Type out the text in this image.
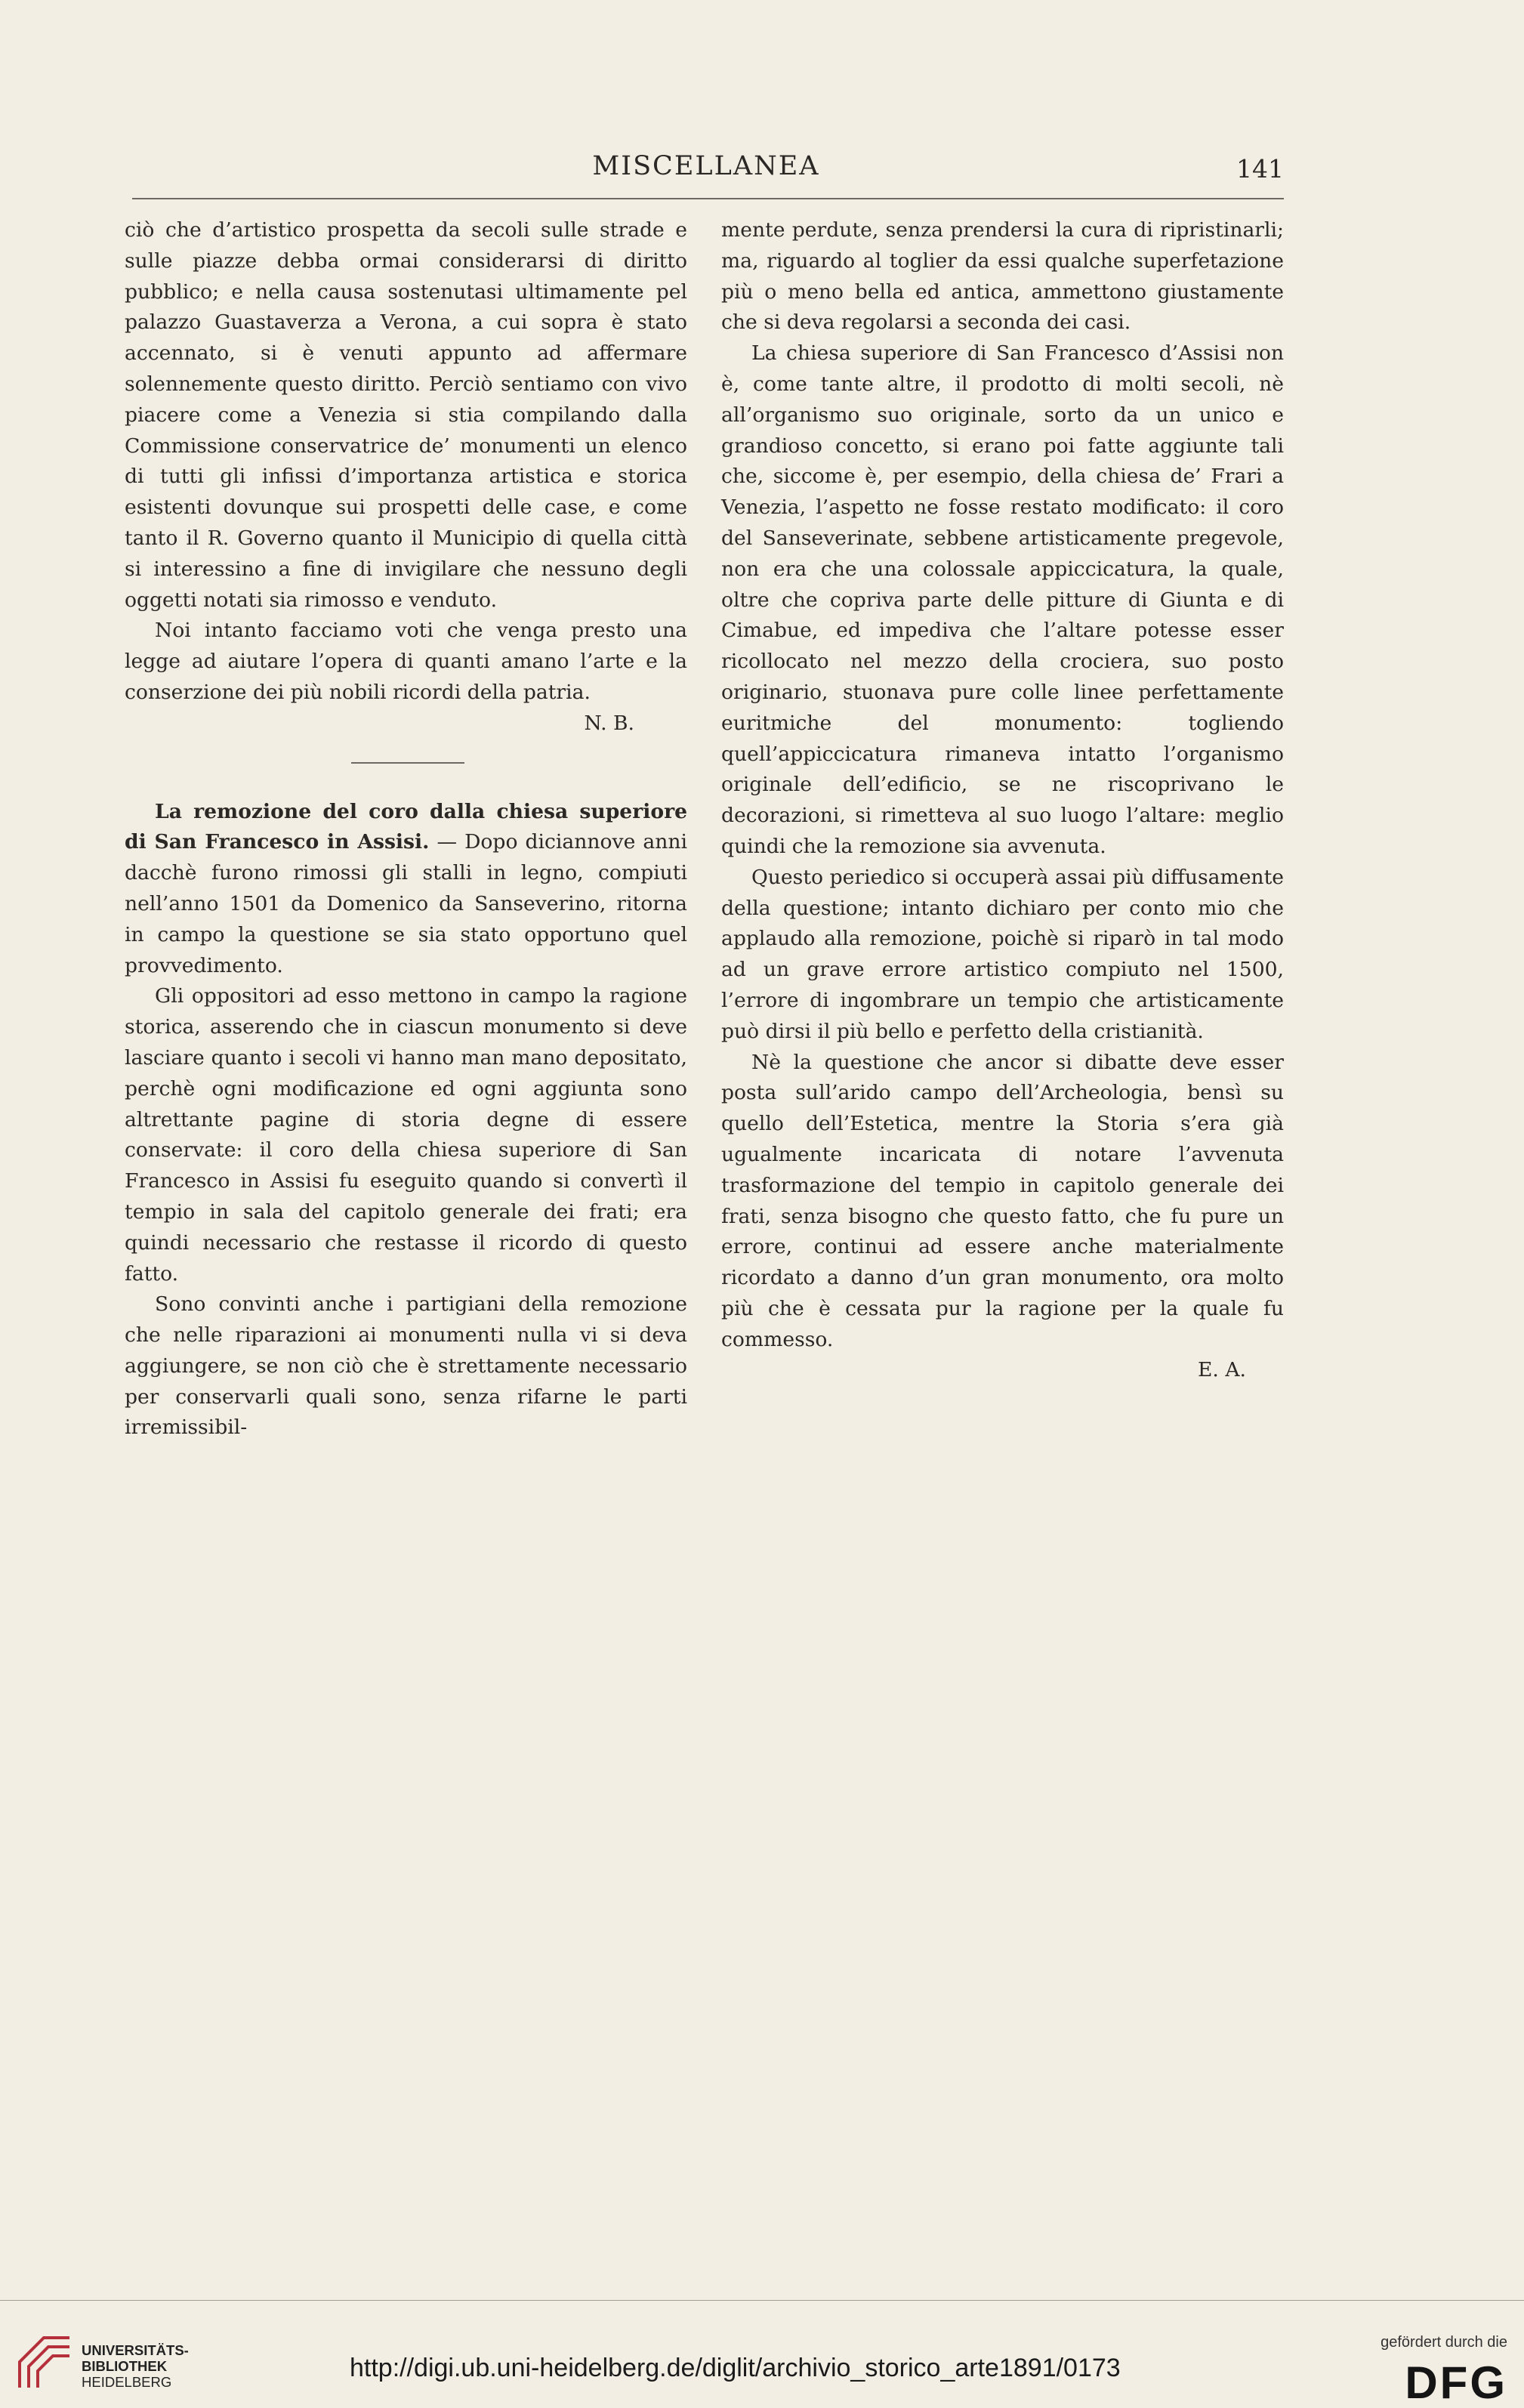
MISCELLANEA	141

ciò che d’artistico prospetta da secoli sulle strade e sulle piazze debba ormai considerarsi di diritto pubblico; e nella causa sostenutasi ultimamente pel palazzo Guastaverza a Verona, a cui sopra è stato accennato, si è venuti appunto ad affermare solennemente questo diritto. Perciò sentiamo con vivo piacere come a Venezia si stia compilando dalla Commissione conservatrice de’ monumenti un elenco di tutti gli infissi d’importanza artistica e storica esistenti dovunque sui prospetti delle case, e come tanto il R. Governo quanto il Municipio di quella città si interessino a fine di invigilare che nessuno degli oggetti notati sia rimosso e venduto.

Noi intanto facciamo voti che venga presto una legge ad aiutare l’opera di quanti amano l’arte e la conserzione dei più nobili ricordi della patria.

N. B.

La remozione del coro dalla chiesa superiore di San Francesco in Assisi. — Dopo diciannove anni dacchè furono rimossi gli stalli in legno, compiuti nell’anno 1501 da Domenico da Sanseverino, ritorna in campo la questione se sia stato opportuno quel provvedimento.

Gli oppositori ad esso mettono in campo la ragione storica, asserendo che in ciascun monumento si deve lasciare quanto i secoli vi hanno man mano depositato, perchè ogni modificazione ed ogni aggiunta sono altrettante pagine di storia degne di essere conservate: il coro della chiesa superiore di San Francesco in Assisi fu eseguito quando si convertì il tempio in sala del capitolo generale dei frati; era quindi necessario che restasse il ricordo di questo fatto.

Sono convinti anche i partigiani della remozione che nelle riparazioni ai monumenti nulla vi si deva aggiungere, se non ciò che è strettamente necessario per conservarli quali sono, senza rifarne le parti irremissibil-

mente perdute, senza prendersi la cura di ripristinarli; ma, riguardo al toglier da essi qualche superfetazione più o meno bella ed antica, ammettono giustamente che si deva regolarsi a seconda dei casi.

La chiesa superiore di San Francesco d’Assisi non è, come tante altre, il prodotto di molti secoli, nè all’organismo suo originale, sorto da un unico e grandioso concetto, si erano poi fatte aggiunte tali che, siccome è, per esempio, della chiesa de’ Frari a Venezia, l’aspetto ne fosse restato modificato: il coro del Sanseverinate, sebbene artisticamente pregevole, non era che una colossale appiccicatura, la quale, oltre che copriva parte delle pitture di Giunta e di Cimabue, ed impediva che l’altare potesse esser ricollocato nel mezzo della crociera, suo posto originario, stuonava pure colle linee perfettamente euritmiche del monumento: togliendo quell’appiccicatura rimaneva intatto l’organismo originale dell’edificio, se ne riscoprivano le decorazioni, si rimetteva al suo luogo l’altare: meglio quindi che la remozione sia avvenuta.

Questo periedico si occuperà assai più diffusamente della questione; intanto dichiaro per conto mio che applaudo alla remozione, poichè si riparò in tal modo ad un grave errore artistico compiuto nel 1500, l’errore di ingombrare un tempio che artisticamente può dirsi il più bello e perfetto della cristianità.

Nè la questione che ancor si dibatte deve esser posta sull’arido campo dell’Archeologia, bensì su quello dell’Estetica, mentre la Storia s’era già ugualmente incaricata di notare l’avvenuta trasformazione del tempio in capitolo generale dei frati, senza bisogno che questo fatto, che fu pure un errore, continui ad essere anche materialmente ricordato a danno d’un gran monumento, ora molto più che è cessata pur la ragione per la quale fu commesso.

E. A.

UNIVERSITÄTS-
BIBLIOTHEK
HEIDELBERG	http://digi.ub.uni-heidelberg.de/diglit/archivio_storico_arte1891/0173
gefördert durch die
DFG
